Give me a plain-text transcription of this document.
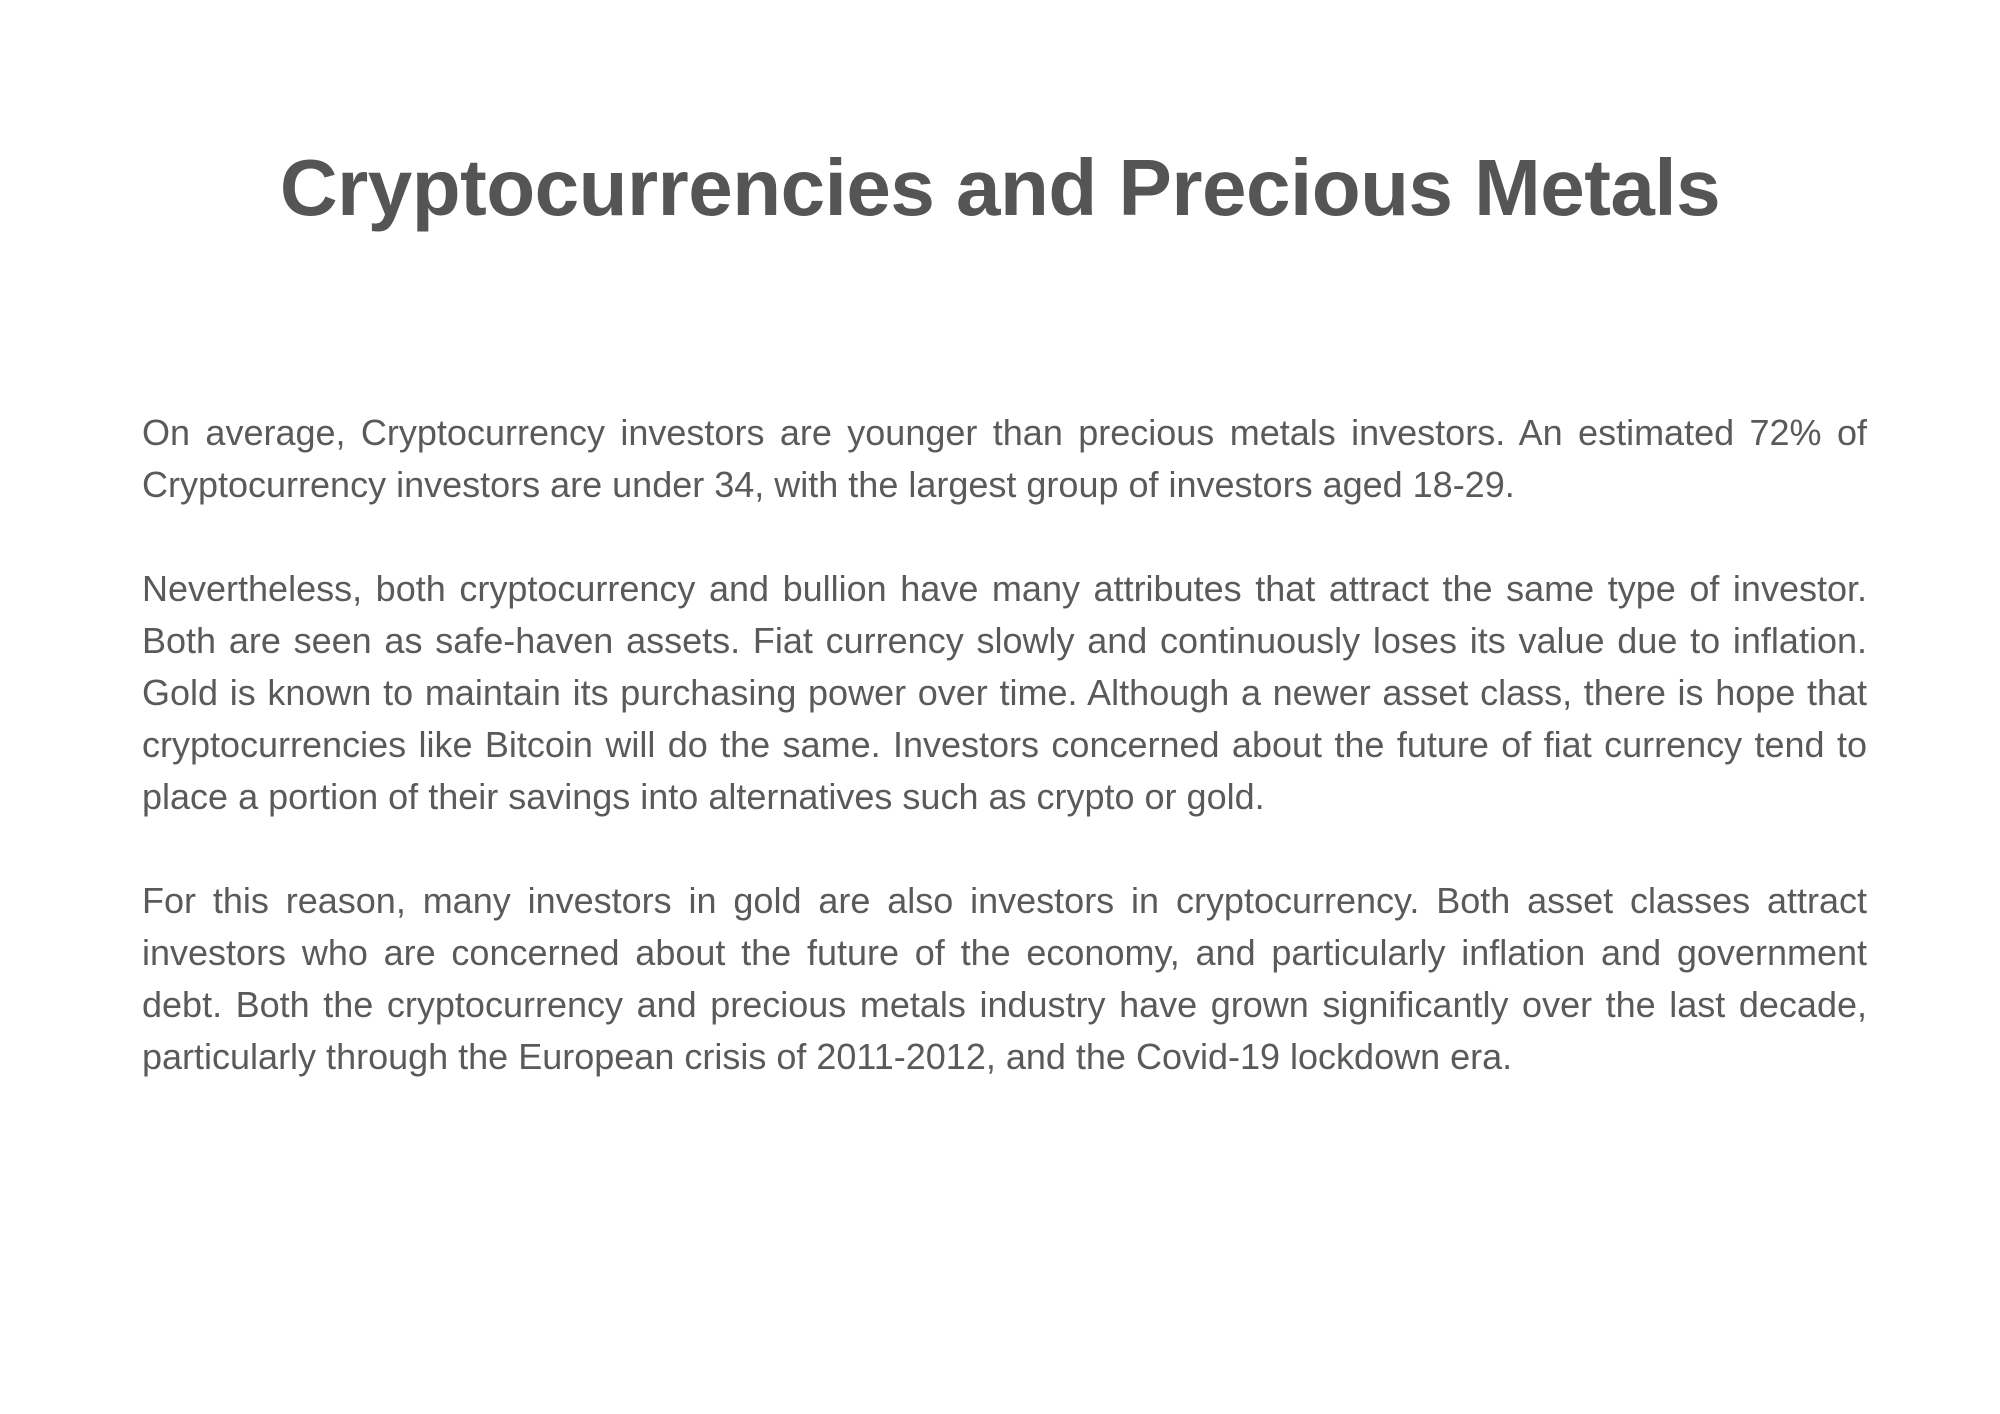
Cryptocurrencies and Precious Metals

On average, Cryptocurrency investors are younger than precious metals investors. An estimated 72% of Cryptocurrency investors are under 34, with the largest group of investors aged 18-29.

Nevertheless, both cryptocurrency and bullion have many attributes that attract the same type of investor. Both are seen as safe-haven assets. Fiat currency slowly and continuously loses its value due to inflation. Gold is known to maintain its purchasing power over time. Although a newer asset class, there is hope that cryptocurrencies like Bitcoin will do the same. Investors concerned about the future of fiat currency tend to place a portion of their savings into alternatives such as crypto or gold.

For this reason, many investors in gold are also investors in cryptocurrency. Both asset classes attract investors who are concerned about the future of the economy, and particularly inflation and government debt. Both the cryptocurrency and precious metals industry have grown significantly over the last decade, particularly through the European crisis of 2011-2012, and the Covid-19 lockdown era.
